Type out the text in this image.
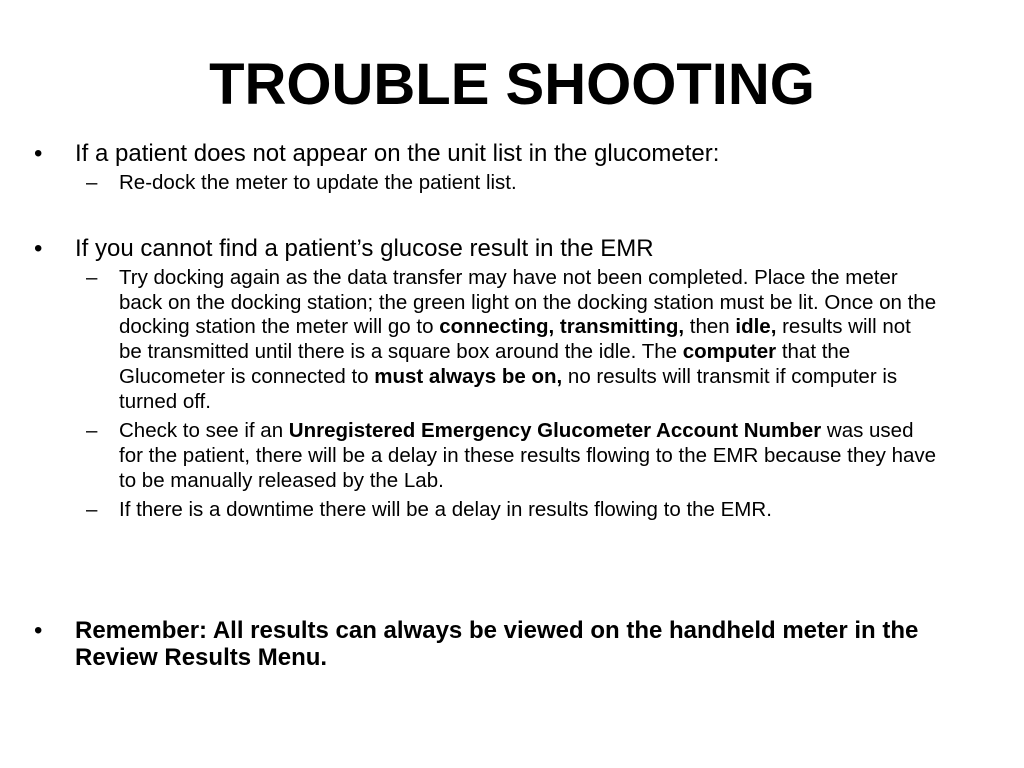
TROUBLE SHOOTING
• If a patient does not appear on the unit list in the glucometer:
– Re-dock the meter to update the patient list.
• If you cannot find a patient’s glucose result in the EMR
– Try docking again as the data transfer may have not been completed. Place the meter back on the docking station; the green light on the docking station must be lit. Once on the docking station the meter will go to connecting, transmitting, then idle, results will not be transmitted until there is a square box around the idle. The computer that the Glucometer is connected to must always be on, no results will transmit if computer is turned off.
– Check to see if an Unregistered Emergency Glucometer Account Number was used for the patient, there will be a delay in these results flowing to the EMR because they have to be manually released by the Lab.
– If there is a downtime there will be a delay in results flowing to the EMR.
• Remember: All results can always be viewed on the handheld meter in the Review Results Menu.
